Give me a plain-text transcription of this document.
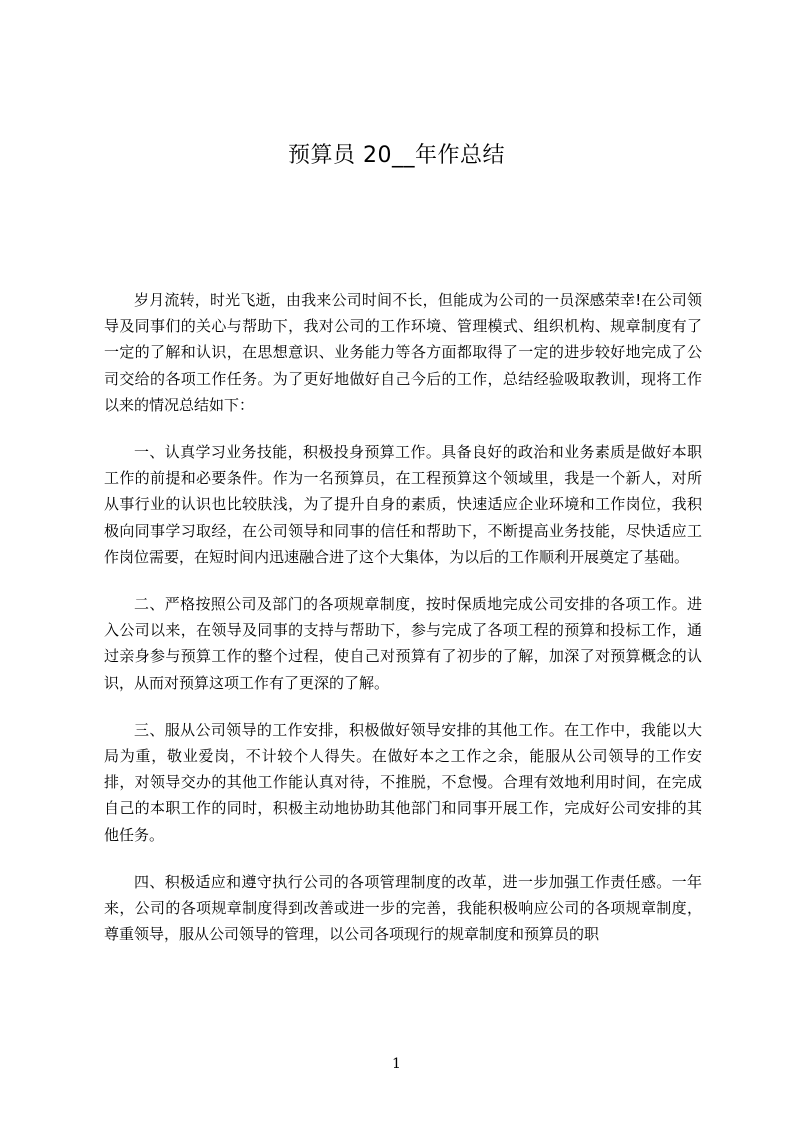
预算员 20__年作总结

岁月流转，时光飞逝，由我来公司时间不长，但能成为公司的一员深感荣幸!在公司领导及同事们的关心与帮助下，我对公司的工作环境、管理模式、组织机构、规章制度有了一定的了解和认识，在思想意识、业务能力等各方面都取得了一定的进步较好地完成了公司交给的各项工作任务。为了更好地做好自己今后的工作，总结经验吸取教训，现将工作以来的情况总结如下：

一、认真学习业务技能，积极投身预算工作。具备良好的政治和业务素质是做好本职工作的前提和必要条件。作为一名预算员，在工程预算这个领域里，我是一个新人，对所从事行业的认识也比较肤浅，为了提升自身的素质，快速适应企业环境和工作岗位，我积极向同事学习取经，在公司领导和同事的信任和帮助下，不断提高业务技能，尽快适应工作岗位需要，在短时间内迅速融合进了这个大集体，为以后的工作顺利开展奠定了基础。

二、严格按照公司及部门的各项规章制度，按时保质地完成公司安排的各项工作。进入公司以来，在领导及同事的支持与帮助下，参与完成了各项工程的预算和投标工作，通过亲身参与预算工作的整个过程，使自己对预算有了初步的了解，加深了对预算概念的认识，从而对预算这项工作有了更深的了解。

三、服从公司领导的工作安排，积极做好领导安排的其他工作。在工作中，我能以大局为重，敬业爱岗，不计较个人得失。在做好本之工作之余，能服从公司领导的工作安排，对领导交办的其他工作能认真对待，不推脱，不怠慢。合理有效地利用时间，在完成自己的本职工作的同时，积极主动地协助其他部门和同事开展工作，完成好公司安排的其他任务。

四、积极适应和遵守执行公司的各项管理制度的改革，进一步加强工作责任感。一年来，公司的各项规章制度得到改善或进一步的完善，我能积极响应公司的各项规章制度，尊重领导，服从公司领导的管理，以公司各项现行的规章制度和预算员的职

1
